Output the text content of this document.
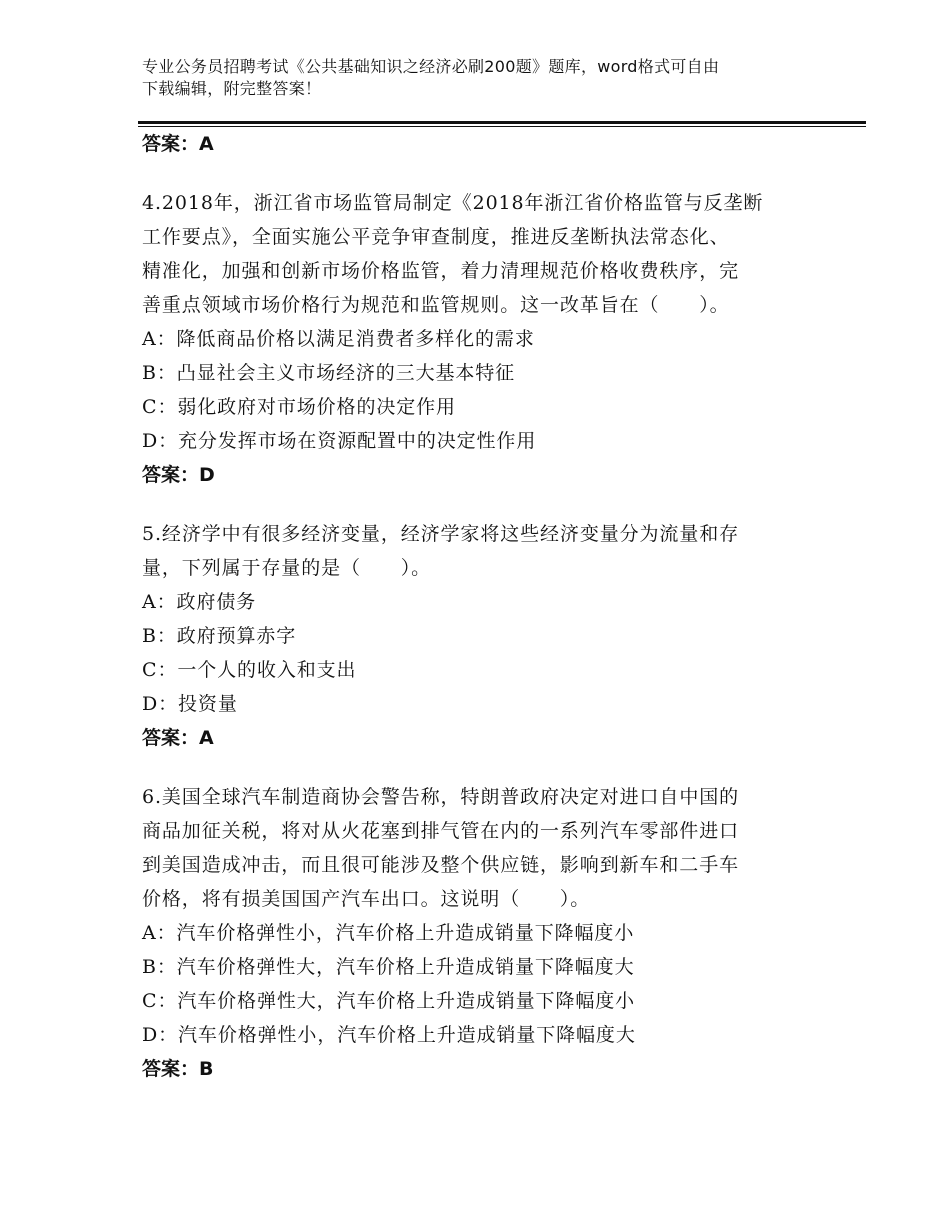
专业公务员招聘考试《公共基础知识之经济必刷200题》题库，word格式可自由
下载编辑，附完整答案！
答案：A
4.2018年，浙江省市场监管局制定《2018年浙江省价格监管与反垄断
工作要点》，全面实施公平竞争审查制度，推进反垄断执法常态化、
精准化，加强和创新市场价格监管，着力清理规范价格收费秩序，完
善重点领域市场价格行为规范和监管规则。这一改革旨在（　　）。
A：降低商品价格以满足消费者多样化的需求
B：凸显社会主义市场经济的三大基本特征
C：弱化政府对市场价格的决定作用
D：充分发挥市场在资源配置中的决定性作用
答案：D
5.经济学中有很多经济变量，经济学家将这些经济变量分为流量和存
量，下列属于存量的是（　　）。
A：政府债务
B：政府预算赤字
C：一个人的收入和支出
D：投资量
答案：A
6.美国全球汽车制造商协会警告称，特朗普政府决定对进口自中国的
商品加征关税，将对从火花塞到排气管在内的一系列汽车零部件进口
到美国造成冲击，而且很可能涉及整个供应链，影响到新车和二手车
价格，将有损美国国产汽车出口。这说明（　　）。
A：汽车价格弹性小，汽车价格上升造成销量下降幅度小
B：汽车价格弹性大，汽车价格上升造成销量下降幅度大
C：汽车价格弹性大，汽车价格上升造成销量下降幅度小
D：汽车价格弹性小，汽车价格上升造成销量下降幅度大
答案：B
